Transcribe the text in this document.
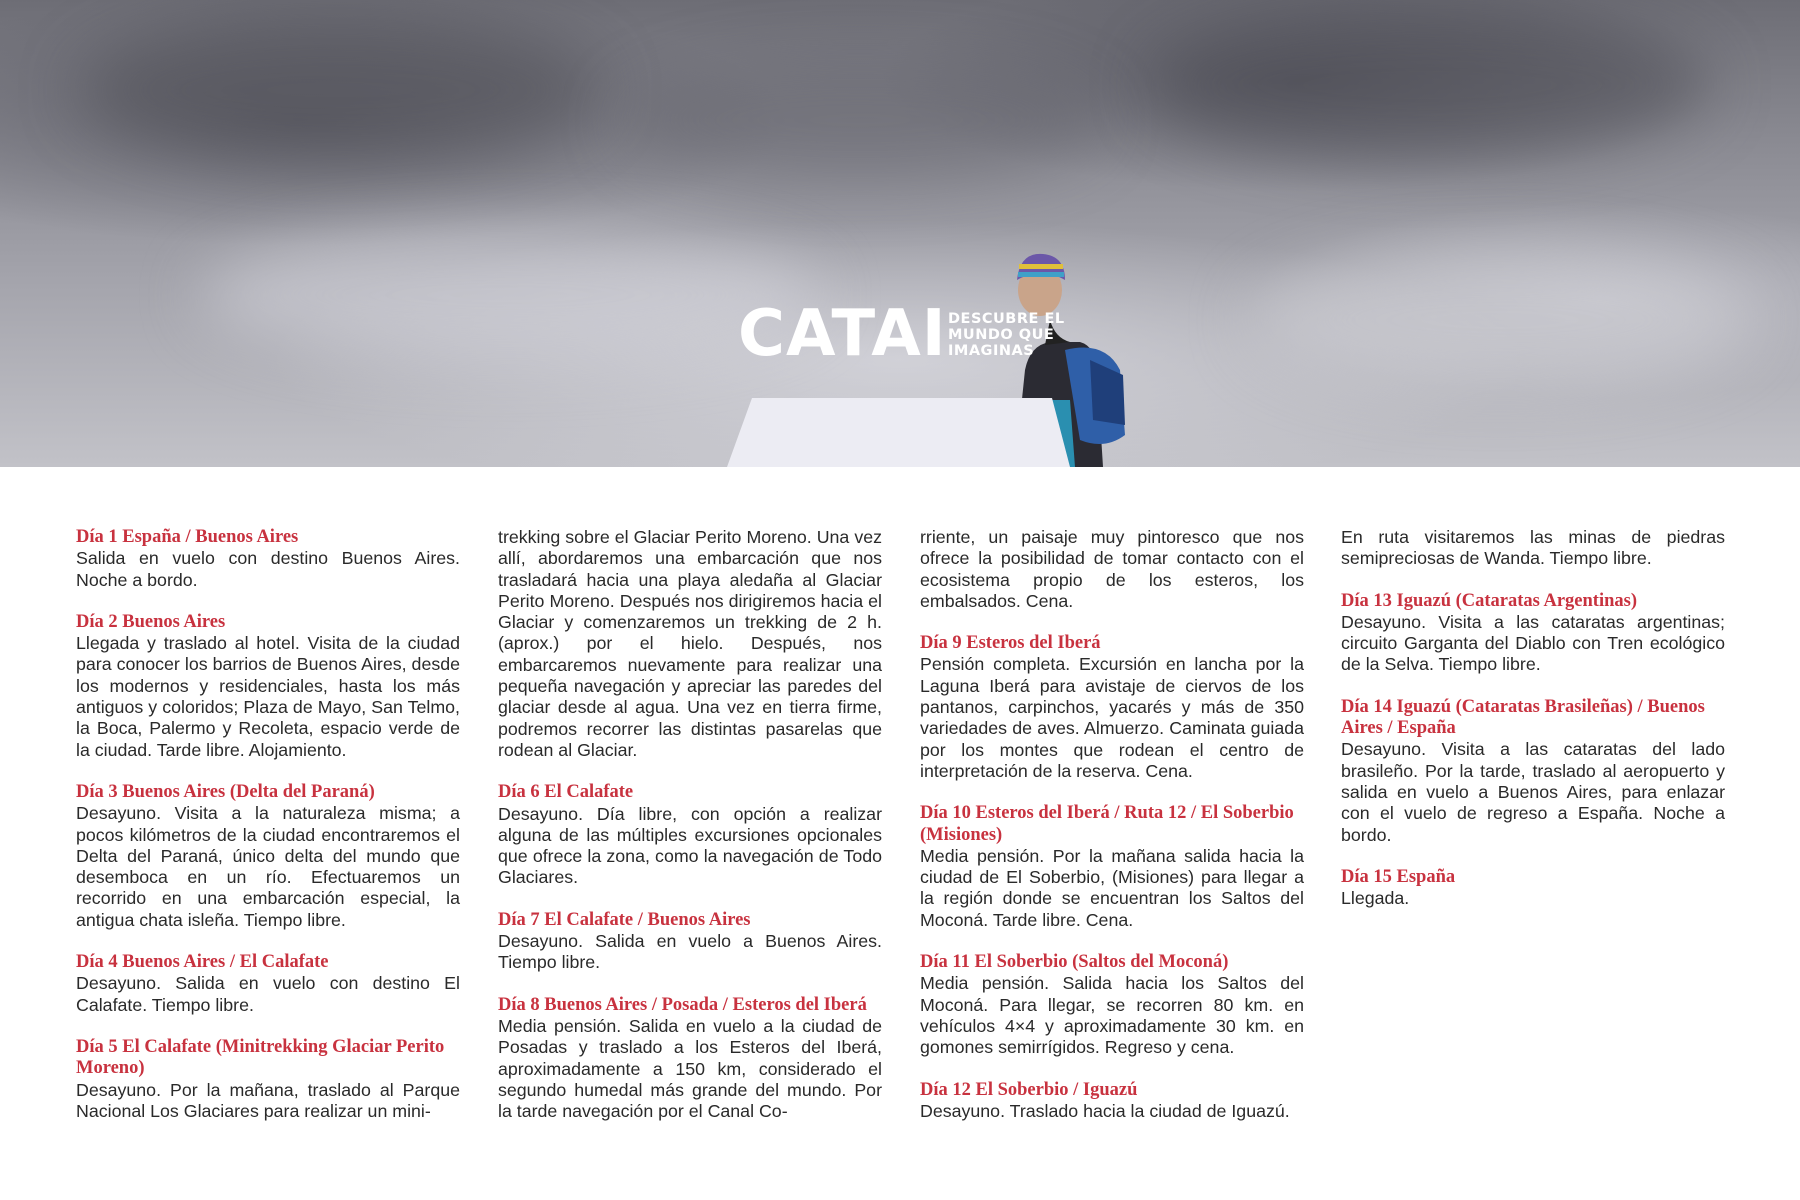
CATAI DESCUBRE EL
MUNDO QUE
IMAGINAS
Día 1 España / Buenos Aires
Salida en vuelo con destino Buenos Aires. Noche a bordo.
Día 2 Buenos Aires
Llegada y traslado al hotel. Visita de la ciudad para conocer los barrios de Buenos Aires, desde los modernos y residenciales, hasta los más antiguos y coloridos; Plaza de Mayo, San Telmo, la Boca, Palermo y Recoleta, espacio verde de la ciudad. Tarde libre. Alojamiento.
Día 3 Buenos Aires (Delta del Paraná)
Desayuno. Visita a la naturaleza misma; a pocos kilómetros de la ciudad encontraremos el Delta del Paraná, único delta del mundo que desemboca en un río. Efectuaremos un recorrido en una embarcación especial, la antigua chata isleña. Tiempo libre.
Día 4 Buenos Aires / El Calafate
Desayuno. Salida en vuelo con destino El Calafate. Tiempo libre.
Día 5 El Calafate (Minitrekking Glaciar Perito Moreno)
Desayuno. Por la mañana, traslado al Parque Nacional Los Glaciares para realizar un mini-
trekking sobre el Glaciar Perito Moreno. Una vez allí, abordaremos una embarcación que nos trasladará hacia una playa aledaña al Glaciar Perito Moreno. Después nos dirigiremos hacia el Glaciar y comenzaremos un trekking de 2 h. (aprox.) por el hielo. Después, nos embarcaremos nuevamente para realizar una pequeña navegación y apreciar las paredes del glaciar desde al agua. Una vez en tierra firme, podremos recorrer las distintas pasarelas que rodean al Glaciar.
Día 6 El Calafate
Desayuno. Día libre, con opción a realizar alguna de las múltiples excursiones opcionales que ofrece la zona, como la navegación de Todo Glaciares.
Día 7 El Calafate / Buenos Aires
Desayuno. Salida en vuelo a Buenos Aires. Tiempo libre.
Día 8 Buenos Aires / Posada / Esteros del Iberá
Media pensión. Salida en vuelo a la ciudad de Posadas y traslado a los Esteros del Iberá, aproximadamente a 150 km, considerado el segundo humedal más grande del mundo. Por la tarde navegación por el Canal Co-
rriente, un paisaje muy pintoresco que nos ofrece la posibilidad de tomar contacto con el ecosistema propio de los esteros, los embalsados. Cena.
Día 9 Esteros del Iberá
Pensión completa. Excursión en lancha por la Laguna Iberá para avistaje de ciervos de los pantanos, carpinchos, yacarés y más de 350 variedades de aves. Almuerzo. Caminata guiada por los montes que rodean el centro de interpretación de la reserva. Cena.
Día 10 Esteros del Iberá / Ruta 12 / El Soberbio (Misiones)
Media pensión. Por la mañana salida hacia la ciudad de El Soberbio, (Misiones) para llegar a la región donde se encuentran los Saltos del Moconá. Tarde libre. Cena.
Día 11 El Soberbio (Saltos del Moconá)
Media pensión. Salida hacia los Saltos del Moconá. Para llegar, se recorren 80 km. en vehículos 4×4 y aproximadamente 30 km. en gomones semirrígidos. Regreso y cena.
Día 12 El Soberbio / Iguazú
Desayuno. Traslado hacia la ciudad de Iguazú.
En ruta visitaremos las minas de piedras semipreciosas de Wanda. Tiempo libre.
Día 13 Iguazú (Cataratas Argentinas)
Desayuno. Visita a las cataratas argentinas; circuito Garganta del Diablo con Tren ecológico de la Selva. Tiempo libre.
Día 14 Iguazú (Cataratas Brasileñas) / Buenos Aires / España
Desayuno. Visita a las cataratas del lado brasileño. Por la tarde, traslado al aeropuerto y salida en vuelo a Buenos Aires, para enlazar con el vuelo de regreso a España. Noche a bordo.
Día 15 España
Llegada.
